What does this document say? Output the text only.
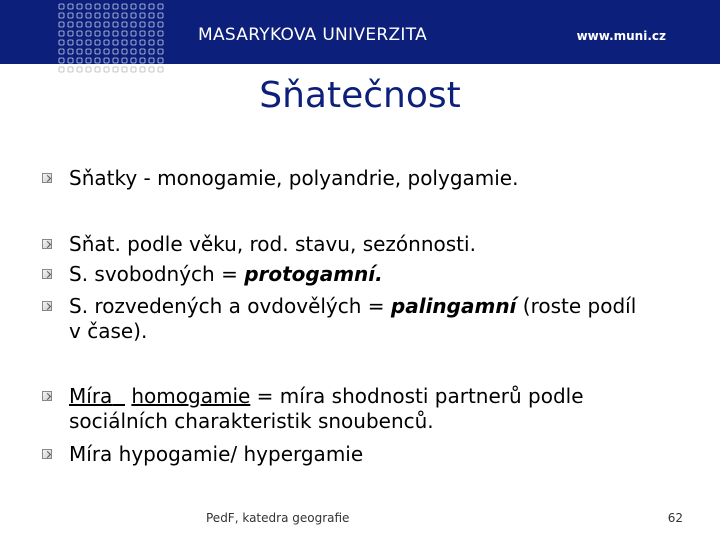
MASARYKOVA UNIVERZITA	www.muni.cz
Sňatečnost
Sňatky - monogamie, polyandrie, polygamie.
Sňat. podle věku, rod. stavu, sezónnosti.
S. svobodných = protogamní.
S. rozvedených a ovdovělých = palingamní (roste podíl
v čase).
Míra homogamie = míra shodnosti partnerů podle
sociálních charakteristik snoubenců.
Míra hypogamie/ hypergamie
PedF, katedra geografie	62
